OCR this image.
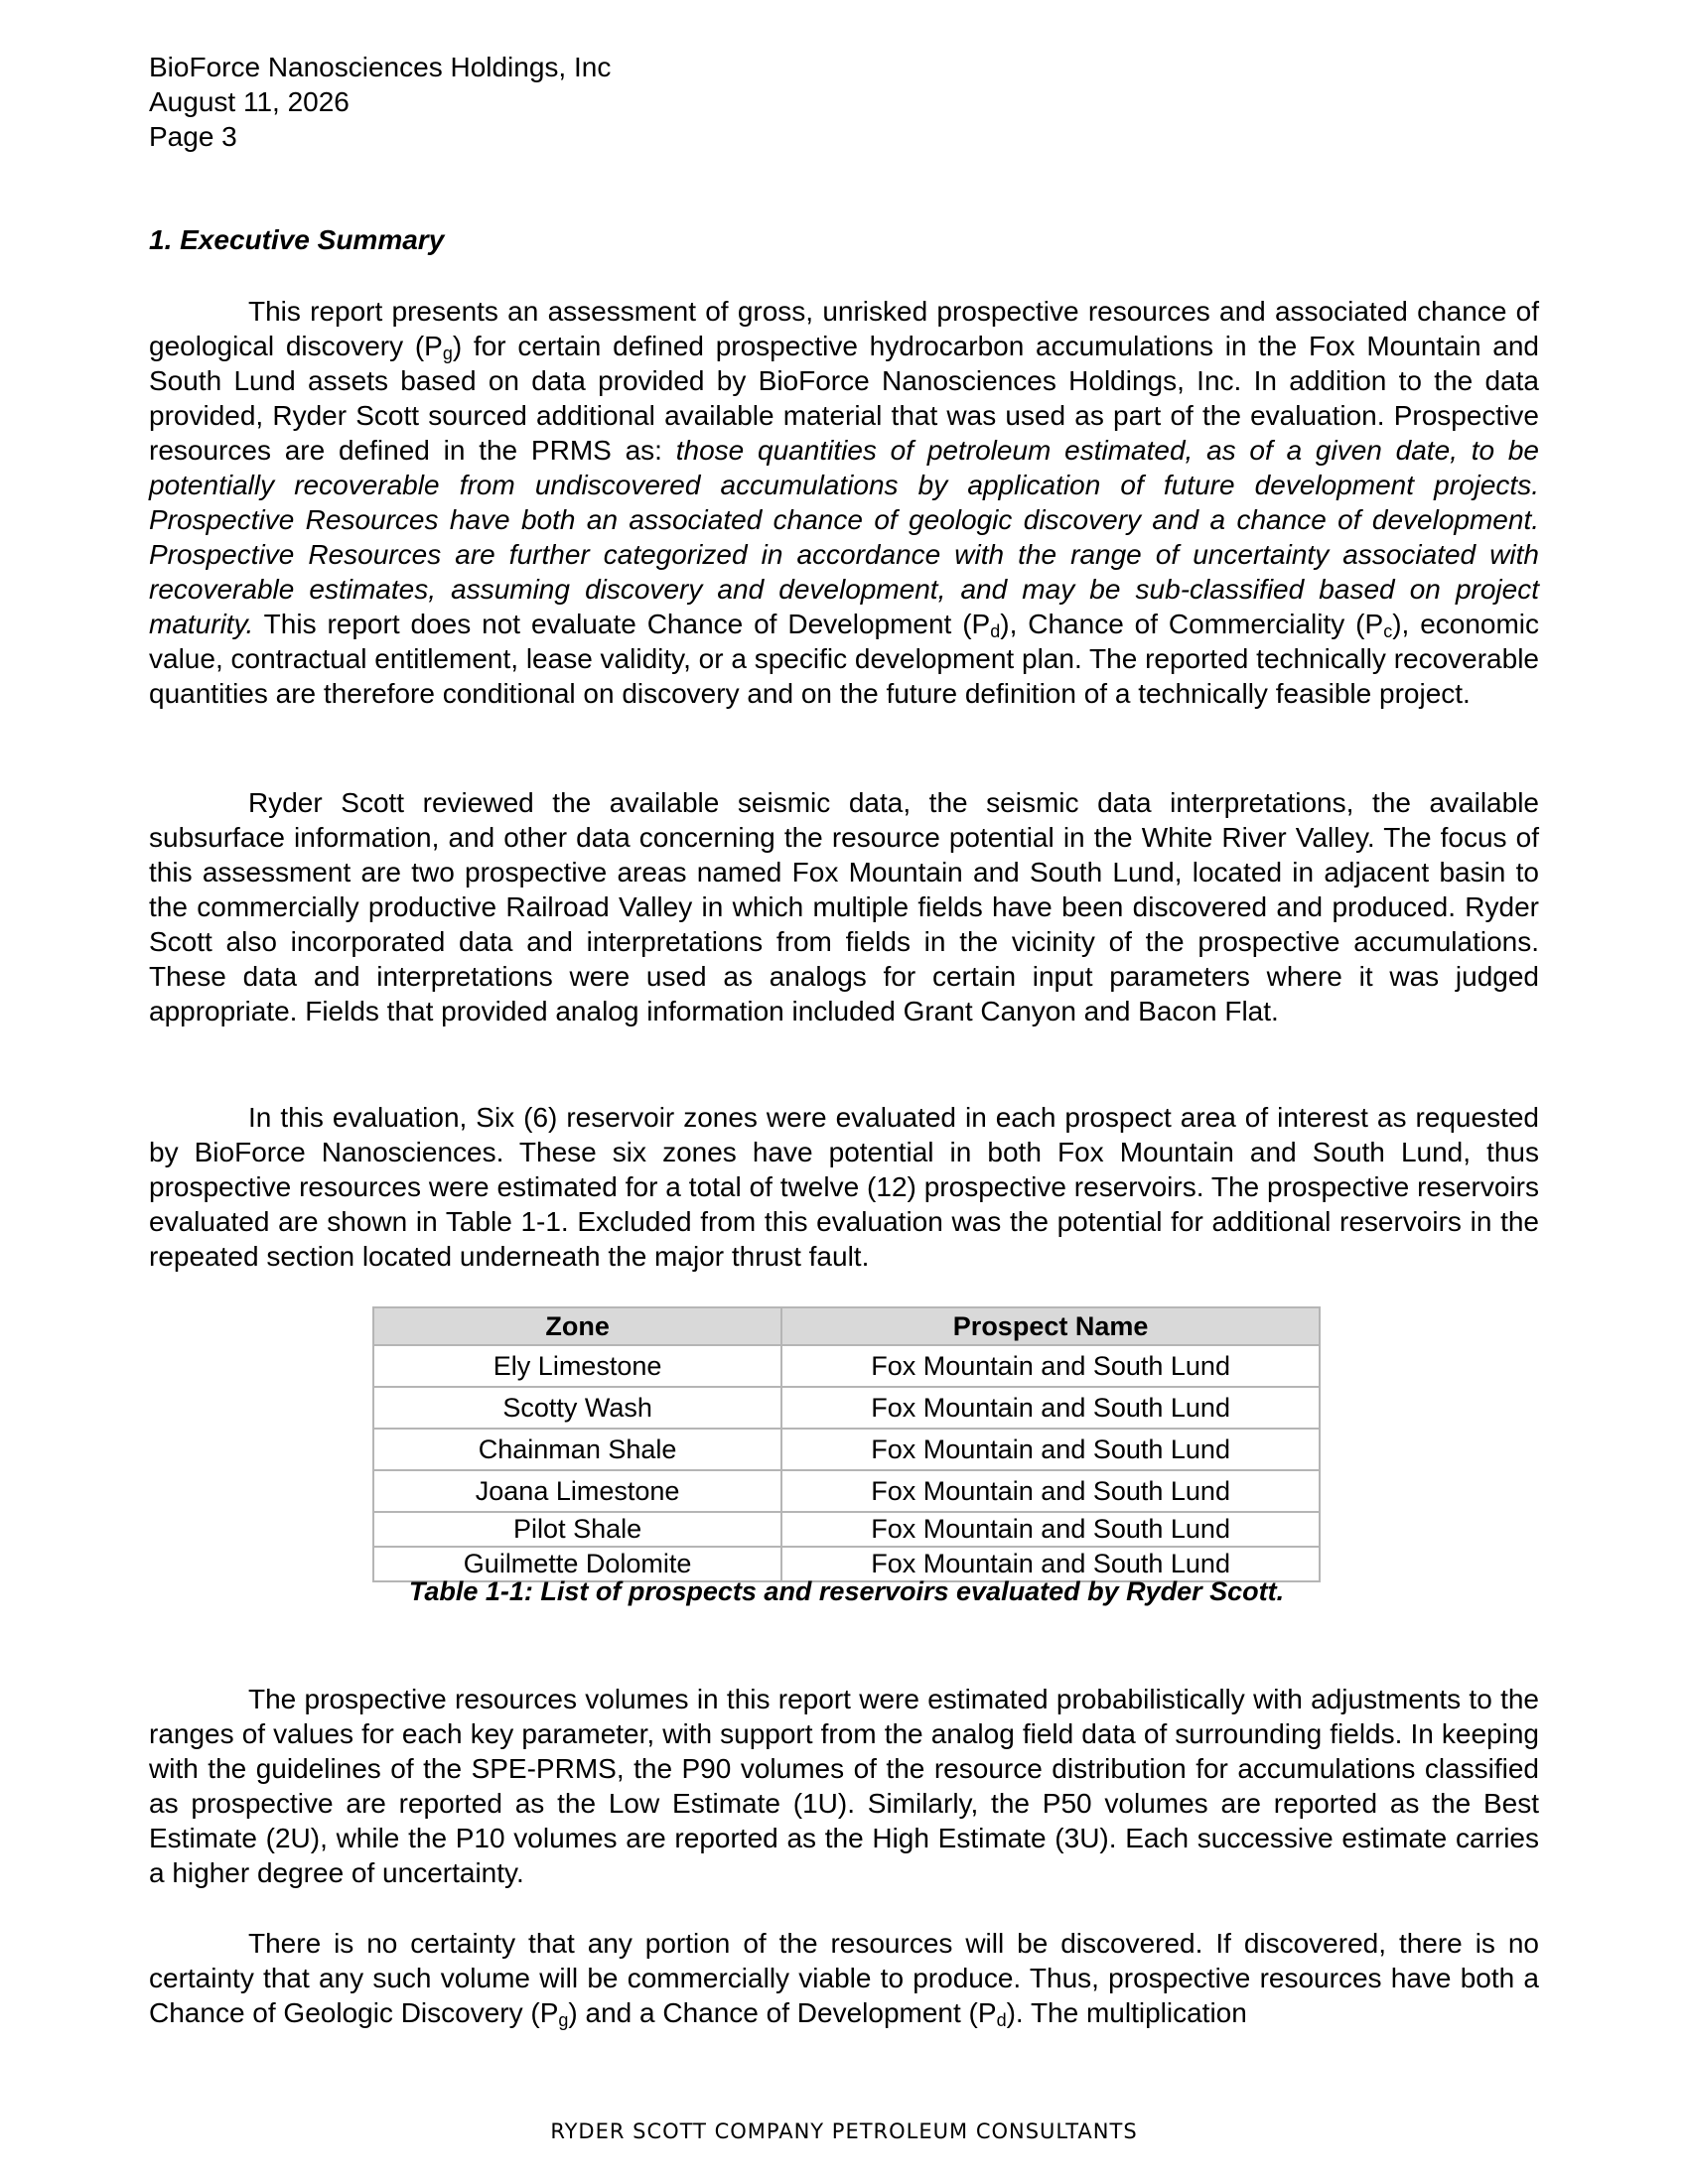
BioForce Nanosciences Holdings, Inc
August 11, 2026
Page 3
1. Executive Summary

This report presents an assessment of gross, unrisked prospective resources and associated chance of geological discovery $(P_g)$ for certain defined prospective hydrocarbon accumulations in the Fox Mountain and South Lund assets based on data provided by BioForce Nanosciences Holdings, Inc. In addition to the data provided, Ryder Scott sourced additional available material that was used as part of the evaluation. Prospective resources are defined in the PRMS as: those quantities of petroleum estimated, as of a given date, to be potentially recoverable from undiscovered accumulations by application of future development projects. Prospective Resources have both an associated chance of geologic discovery and a chance of development. Prospective Resources are further categorized in accordance with the range of uncertainty associated with recoverable estimates, assuming discovery and development, and may be sub-classified based on project maturity. This report does not evaluate Chance of Development $(P_d)$, Chance of Commerciality $(P_c)$, economic value, contractual entitlement, lease validity, or a specific development plan. The reported technically recoverable quantities are therefore conditional on discovery and on the future definition of a technically feasible project.

Ryder Scott reviewed the available seismic data, the seismic data interpretations, the available subsurface information, and other data concerning the resource potential in the White River Valley. The focus of this assessment are two prospective areas named Fox Mountain and South Lund, located in adjacent basin to the commercially productive Railroad Valley in which multiple fields have been discovered and produced. Ryder Scott also incorporated data and interpretations from fields in the vicinity of the prospective accumulations. These data and interpretations were used as analogs for certain input parameters where it was judged appropriate. Fields that provided analog information included Grant Canyon and Bacon Flat.

In this evaluation, Six (6) reservoir zones were evaluated in each prospect area of interest as requested by BioForce Nanosciences. These six zones have potential in both Fox Mountain and South Lund, thus prospective resources were estimated for a total of twelve (12) prospective reservoirs. The prospective reservoirs evaluated are shown in Table 1-1. Excluded from this evaluation was the potential for additional reservoirs in the repeated section located underneath the major thrust fault.

Zone	Prospect Name
Ely Limestone	Fox Mountain and South Lund
Scotty Wash	Fox Mountain and South Lund
Chainman Shale	Fox Mountain and South Lund
Joana Limestone	Fox Mountain and South Lund
Pilot Shale	Fox Mountain and South Lund
Guilmette Dolomite	Fox Mountain and South Lund
Table 1-1: List of prospects and reservoirs evaluated by Ryder Scott.

The prospective resources volumes in this report were estimated probabilistically with adjustments to the ranges of values for each key parameter, with support from the analog field data of surrounding fields. In keeping with the guidelines of the SPE-PRMS, the P90 volumes of the resource distribution for accumulations classified as prospective are reported as the Low Estimate (1U). Similarly, the P50 volumes are reported as the Best Estimate (2U), while the P10 volumes are reported as the High Estimate (3U). Each successive estimate carries a higher degree of uncertainty.

There is no certainty that any portion of the resources will be discovered. If discovered, there is no certainty that any such volume will be commercially viable to produce. Thus, prospective resources have both a Chance of Geologic Discovery $(P_g)$ and a Chance of Development $(P_d)$. The multiplication

RYDER SCOTT COMPANY PETROLEUM CONSULTANTS
